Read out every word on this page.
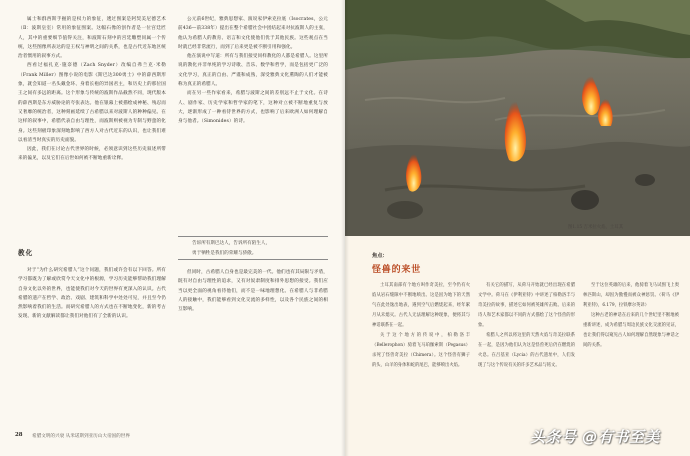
属士和群西斯手握的是权力的象征，透过图案是阿契美尼德艺术（Ⅱ：波斯皇室）常用的象征图案。这幅石像的创作者是一位宫廷匠人，其中的重要细节值得关注，和波斯石刻中的宫廷雕塑同属一个传统，这些图像所表达的是王权与神明之间的关系，也是古代近东地区统治者惯用的叙事方式。

西看过福扎克·施奈德（Zach Snyder）改编自弗兰克·米勒（Frank Miller）图像小说的电影《斯巴达300勇士》中的薛西斯形象，就会知道一名头戴金环、身着长袍的异国君主，和历史上的那位国王之间有多远的距离。这个形象与传统的波斯作品截然不同，现代版本的薛西斯是东方威胁论的夸张表达。他在银幕上被描绘成神秘、残忍而又奢靡的统治者，这种刻画延续了古希腊以来对波斯人的种种偏见。在这样的叙事中，希腊代表自由与理性，而波斯则被视为专制与野蛮的化身。这些刻板印象深刻地影响了西方人对古代近东的认识，也让我们难以看清当时真实的历史面貌。

因此，我们在讨论古代世界的时候，必须意识到这些历史叙述所带来的偏见，以及它们在后世如何被不断地重新诠释。

公元前6世纪，雅典思想家、演说家伊索克拉底（Isocrates，公元前436—前338年）提出在整个希腊社会中团结起来对抗波斯人的主张，他认为希腊人的教育、语言和文化使他们优于其他民族。这些观点在当时就已经非常流行，而到了后来更是被不断引用和强化。

他在演说中写道：所有与我们接受同样教化的人都是希腊人。这里所说的教化并非单纯的学习诗歌、音乐、数学和哲学，而是包括更广泛的文化学习，真正的自由、严谨和成熟，深受雅典文化熏陶的人们才能被称为真正的希腊人。

而在另一些作家看来，希腊与波斯之间的差别远不止于文化。在诗人、剧作家、历史学家和哲学家的笔下，这种对立被不断地重复与放大，逐渐形成了一种看待世界的方式，也影响了后来欧洲人如何理解自身与他者。（Simonides）的诗。

告诉所有斯巴达人，告诉所有陌生人，
勇于牺牲是我们的荣耀与骄傲。
教化

对于“为什么研究希腊人”这个问题，我们或许会有以下回答。所有学习都既为了解或欣赏今天文化中的根源，学习历史能够帮助我们理解自身文化以外的世界，也能使我们对今天的世界有更深入的认识。古代希腊的遗产在哲学、政治、戏剧、建筑和科学中处处可见，并且至今仍然影响着我们的生活。而研究希腊人的方式也在不断地变化，新的考古发现、新的文献解读都让我们对他们有了全新的认识。

但同时，古希腊人自身也是最完美的一代。他们也有其局限与矛盾，既有对自由与理性的追求，又有对奴隶制度和排外思想的接受。我们应当以更全面的视角看待他们，而不是一味地理想化。在希腊人与非希腊人的接触中，我们能够看到文化交流的多样性，以及各个民族之间的相互影响。

28 希腊文明的兴衰 从米诺斯到亚历山大帝国的世界
图1.15 吉米拉火焰，土耳其
焦点：
怪兽的来世

土耳其南部有个地方叫作奇美拉，至今仍有火焰从岩石缝隙中不断地喷出。这是因为地下的天然气在此处逸出地表，遇到空气后燃烧起来，经年累月从未熄灭。古代人无法理解这种现象，便将其与神话联系在一起。

关于这个地方的传说中，柏勒洛丰（Bellerophon）骑着飞马珀伽索斯（Pegasus）杀死了怪兽奇美拉（Chimera）。这个怪兽有狮子的头、山羊的身体和蛇的尾巴，能够喷出火焰。

有关它的描写，从荷马开始就已经出现在希腊文学中。荷马在《伊利亚特》中讲述了柏勒洛丰与奇美拉的故事，描述它如何被英雄所击败。后来的诗人和艺术家都以不同的方式描绘了这个怪兽的形象。

希腊人之所以将这里的天然火焰与奇美拉联系在一起，是因为他们认为这是怪兽死后仍在燃烧的火息。在吕基亚（Lycia）的古代遗址中，人们发现了与这个传说有关的许多艺术品与铭文。

至于这位英雄的后来，他骑着飞马试图飞上奥林匹斯山，却因为傲慢而被众神惩罚。（荷马《伊利亚特》，6.179，拉铁摩尔英译）

这种古老的神话在后来的几个世纪里不断地被重新讲述，成为希腊与周边民族文化交流的见证，也让我们得以窥见古人如何理解自然现象与神话之间的关系。

头条号 @有书至美
